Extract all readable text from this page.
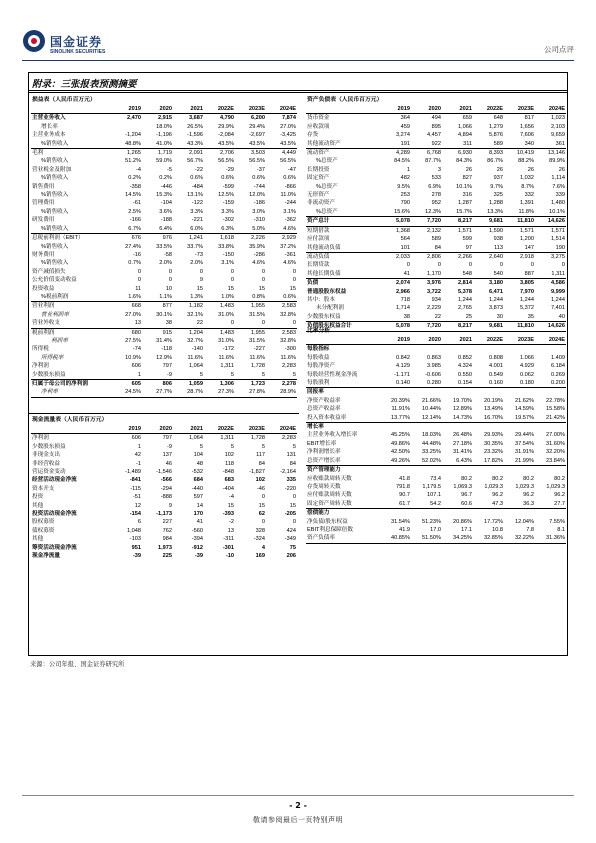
国金证券
SINOLINK SECURITIES	公司点评
附录：三张报表预测摘要
损益表（人民币百万元）
	2019	2020	2021	2022E	2023E	2024E
主营业务收入	2,470	2,915	3,687	4,790	6,200	7,874
增长率		18.0%	26.5%	29.9%	29.4%	27.0%
主营业务成本	-1,204	-1,196	-1,596	-2,084	-2,697	-3,425
%销售收入	48.8%	41.0%	43.3%	43.5%	43.5%	43.5%
毛利	1,265	1,719	2,091	2,706	3,503	4,449
%销售收入	51.2%	59.0%	56.7%	56.5%	56.5%	56.5%
营业税金及附加	-4	-5	-22	-29	-37	-47
%销售收入	0.2%	0.2%	0.6%	0.6%	0.6%	0.6%
销售费用	-358	-446	-484	-599	-744	-866
%销售收入	14.5%	15.3%	13.1%	12.5%	12.0%	11.0%
管理费用	-61	-104	-122	-159	-186	-244
%销售收入	2.5%	3.6%	3.3%	3.3%	3.0%	3.1%
研发费用	-166	-188	-221	-302	-310	-362
%销售收入	6.7%	6.4%	6.0%	6.3%	5.0%	4.6%
息税前利润（EBIT）	676	976	1,241	1,618	2,226	2,929
%销售收入	27.4%	33.5%	33.7%	33.8%	35.9%	37.2%
财务费用	-16	-58	-73	-150	-286	-361
%销售收入	0.7%	2.0%	2.0%	3.1%	4.6%	4.6%
资产减值损失	0	0	0	0	0	0
公允价值变动收益	0	0	9	0	0	0
投资收益	11	10	15	15	15	15
%税前利润	1.6%	1.1%	1.3%	1.0%	0.8%	0.6%
营业利润	668	877	1,182	1,483	1,955	2,583
营业利润率	27.0%	30.1%	32.1%	31.0%	31.5%	32.8%
营业外收支	13	38	22	0	0	0
税前利润	680	915	1,204	1,483	1,955	2,583
利润率	27.5%	31.4%	32.7%	31.0%	31.5%	32.8%
所得税	-74	-118	-140	-172	-227	-300
所得税率	10.9%	12.9%	11.6%	11.6%	11.6%	11.6%
净利润	606	797	1,064	1,311	1,728	2,283
少数股东损益	1	-9	5	5	5	5
归属于母公司的净利润	605	806	1,059	1,306	1,723	2,278
净利率	24.5%	27.7%	28.7%	27.3%	27.8%	28.9%
资产负债表（人民币百万元）
	2019	2020	2021	2022E	2023E	2024E
货币资金	364	494	659	648	817	1,023
应收款项	459	895	1,066	1,279	1,656	2,103
存货	3,274	4,457	4,894	5,876	7,606	9,659
其他流动资产	191	922	311	589	340	361
流动资产	4,289	6,768	6,930	8,393	10,419	13,146
%总资产	84.5%	87.7%	84.3%	86.7%	88.2%	89.9%
长期投资	1	3	26	26	26	26
固定资产	482	533	827	937	1,032	1,114
%总资产	9.5%	6.9%	10.1%	9.7%	8.7%	7.6%
无形资产	253	278	316	325	332	339
非流动资产	790	952	1,287	1,288	1,391	1,480
%总资产	15.6%	12.3%	15.7%	13.3%	11.8%	10.1%
资产总计	5,078	7,720	8,217	9,681	11,810	14,626
短期借款	1,368	2,132	1,571	1,590	1,571	1,571
应付款项	564	589	599	938	1,200	1,514
其他流动负债	101	84	97	113	147	190
流动负债	2,033	2,806	2,266	2,640	2,918	3,275
长期贷款	0	0	0	0	0	0
其他长期负债	41	1,170	548	540	887	1,311
负债	2,074	3,976	2,814	3,180	3,805	4,586
普通股股东权益	2,966	3,722	5,378	6,471	7,970	9,999
其中：股本	718	934	1,244	1,244	1,244	1,244
未分配利润	1,714	2,229	2,765	3,873	5,372	7,401
少数股东权益	38	22	25	30	35	40
负债股东权益合计	5,078	7,720	8,217	9,681	11,810	14,626
比率分析
	2019	2020	2021	2022E	2023E	2024E
每股指标						
每股收益	0.842	0.863	0.852	0.808	1.066	1.409
每股净资产	4.129	3.985	4.324	4.001	4.929	6.184
每股经营性现金净流	-1.171	-0.606	0.550	0.549	0.062	0.269
每股股利	0.140	0.280	0.154	0.160	0.180	0.200
回报率						
净资产收益率	20.39%	21.66%	19.70%	20.19%	21.62%	22.78%
总资产收益率	11.91%	10.44%	12.89%	13.49%	14.59%	15.58%
投入资本收益率	13.77%	12.14%	14.73%	16.70%	19.57%	21.42%
增长率						
主营业务收入增长率	45.25%	18.03%	26.48%	29.93%	29.44%	27.00%
EBIT增长率	49.86%	44.48%	27.18%	30.35%	37.54%	31.60%
净利润增长率	42.50%	33.25%	31.41%	23.32%	31.91%	32.20%
总资产增长率	49.26%	52.02%	6.43%	17.82%	21.99%	23.84%
资产管理能力						
应收账款周转天数	41.8	73.4	80.2	80.2	80.2	80.2
存货周转天数	791.8	1,179.5	1,069.3	1,029.3	1,029.3	1,029.3
应付账款周转天数	90.7	107.1	96.7	96.2	96.2	96.2
固定资产周转天数	61.7	54.2	60.6	47.3	36.3	27.7
偿债能力						
净负债/股东权益	31.54%	51.23%	20.86%	17.72%	12.04%	7.55%
EBIT利息保障倍数	41.9	17.0	17.1	10.8	7.8	8.1
资产负债率	40.85%	51.50%	34.25%	32.85%	32.22%	31.36%
现金流量表（人民币百万元）
	2019	2020	2021	2022E	2023E	2024E
净利润	606	797	1,064	1,311	1,728	2,283
少数股东损益	1	-9	5	5	5	5
非现金支出	42	137	104	102	117	131
非经营收益	-1	46	48	118	84	84
营运资金变动	-1,489	-1,546	-532	-848	-1,827	-2,164
经营活动现金净流	-841	-566	684	683	102	335
资本开支	-115	-294	-440	-404	-46	-220
投资	-51	-888	597	-4	0	0
其他	12	9	14	15	15	15
投资活动现金净流	-154	-1,173	170	-393	62	-205
股权募资	6	227	41	-2	0	0
债权募资	1,048	762	-560	13	328	424
其他	-103	984	-394	-311	-324	-349
筹资活动现金净流	951	1,973	-912	-301	4	75
现金净流量	-39	225	-39	-10	169	206
来源：公司年报、国金证券研究所
- 2 -
敬请参阅最后一页特别声明
